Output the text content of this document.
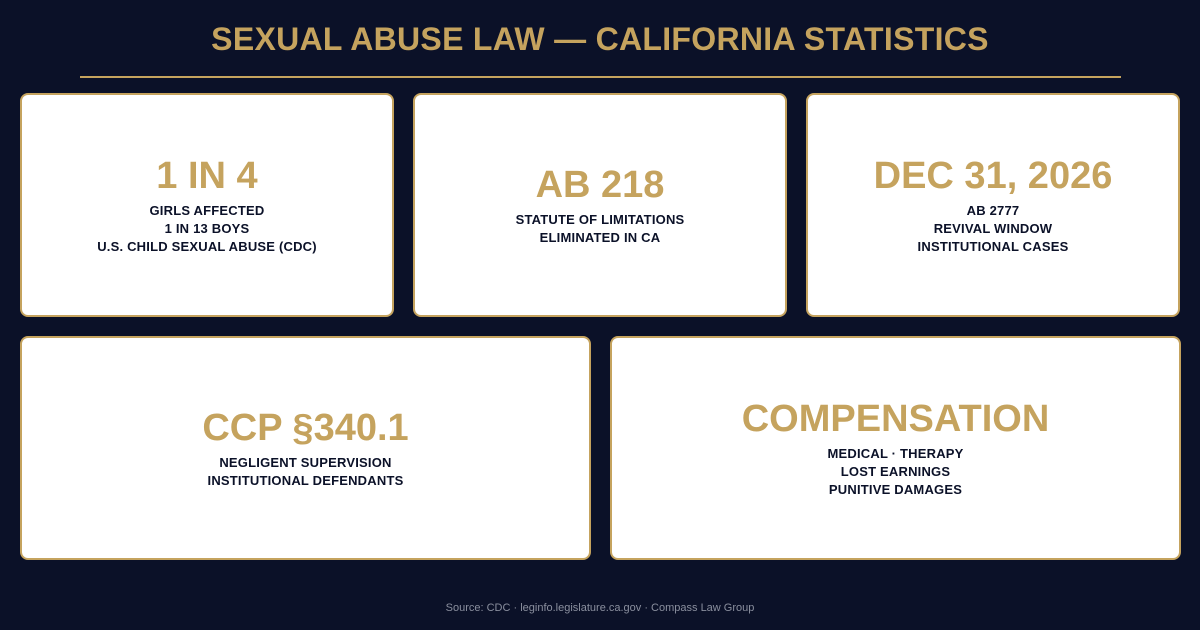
SEXUAL ABUSE LAW — CALIFORNIA STATISTICS
1 IN 4
GIRLS AFFECTED
1 IN 13 BOYS
U.S. CHILD SEXUAL ABUSE (CDC)
AB 218
STATUTE OF LIMITATIONS
ELIMINATED IN CA
DEC 31, 2026
AB 2777
REVIVAL WINDOW
INSTITUTIONAL CASES
CCP §340.1
NEGLIGENT SUPERVISION
INSTITUTIONAL DEFENDANTS
COMPENSATION
MEDICAL · THERAPY
LOST EARNINGS
PUNITIVE DAMAGES
Source: CDC · leginfo.legislature.ca.gov · Compass Law Group
